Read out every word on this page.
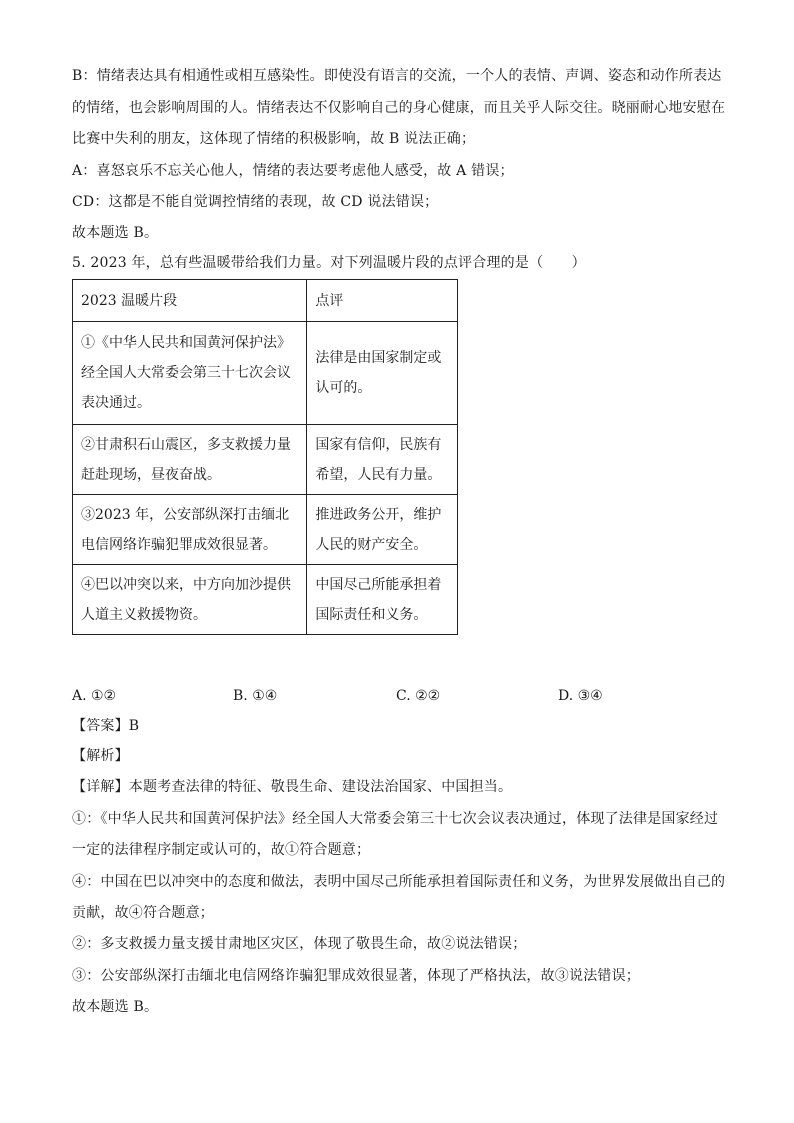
B：情绪表达具有相通性或相互感染性。即使没有语言的交流，一个人的表情、声调、姿态和动作所表达
的情绪，也会影响周围的人。情绪表达不仅影响自己的身心健康，而且关乎人际交往。晓丽耐心地安慰在
比赛中失利的朋友，这体现了情绪的积极影响，故 B 说法正确；
A：喜怒哀乐不忘关心他人，情绪的表达要考虑他人感受，故 A 错误；
CD：这都是不能自觉调控情绪的表现，故 CD 说法错误；
故本题选 B。
5. 2023 年，总有些温暖带给我们力量。对下列温暖片段的点评合理的是（　　）
2023 温暖片段	点评
①《中华人民共和国黄河保护法》经全国人大常委会第三十七次会议表决通过。	法律是由国家制定或认可的。
②甘肃积石山震区，多支救援力量赶赴现场，昼夜奋战。	国家有信仰，民族有希望，人民有力量。
③2023 年，公安部纵深打击缅北电信网络诈骗犯罪成效很显著。	推进政务公开，维护人民的财产安全。
④巴以冲突以来，中方向加沙提供人道主义救援物资。	中国尽己所能承担着国际责任和义务。
A. ①②	B. ①④	C. ②②	D. ③④
【答案】B
【解析】
【详解】本题考查法律的特征、敬畏生命、建设法治国家、中国担当。
①：《中华人民共和国黄河保护法》经全国人大常委会第三十七次会议表决通过，体现了法律是国家经过
一定的法律程序制定或认可的，故①符合题意；
④：中国在巴以冲突中的态度和做法，表明中国尽己所能承担着国际责任和义务，为世界发展做出自己的
贡献，故④符合题意；
②：多支救援力量支援甘肃地区灾区，体现了敬畏生命，故②说法错误；
③：公安部纵深打击缅北电信网络诈骗犯罪成效很显著，体现了严格执法，故③说法错误；
故本题选 B。
